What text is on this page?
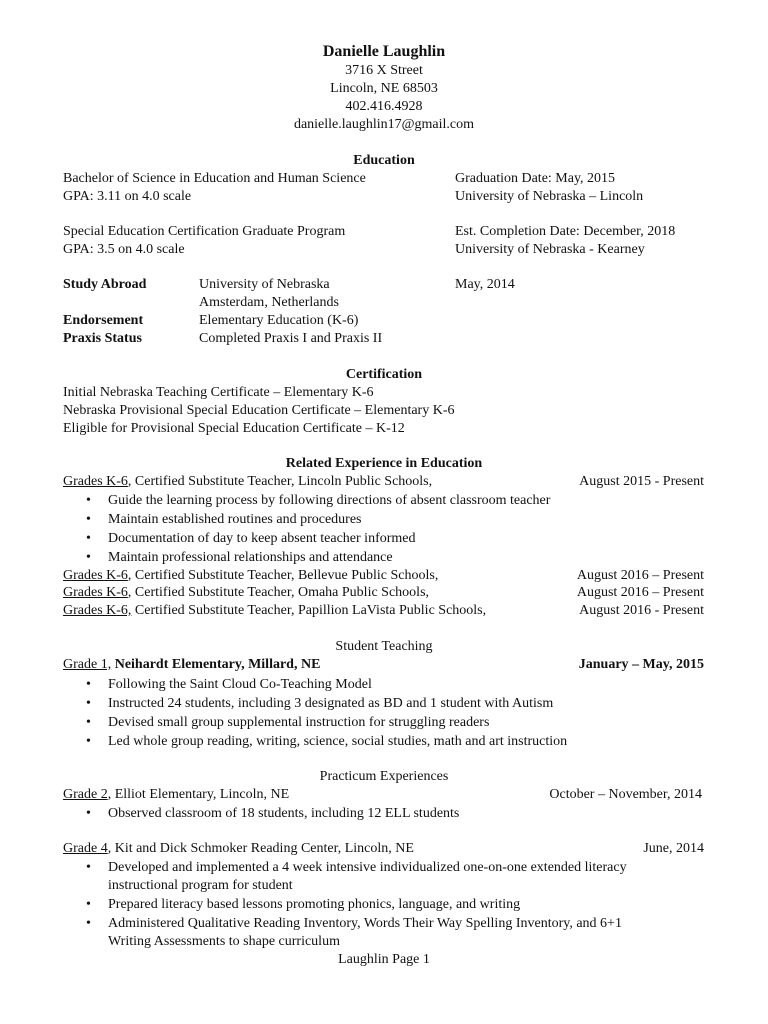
Danielle Laughlin
3716 X Street
Lincoln, NE 68503
402.416.4928
danielle.laughlin17@gmail.com
Education
Bachelor of Science in Education and Human Science	Graduation Date: May, 2015
GPA: 3.11 on 4.0 scale	University of Nebraska – Lincoln
Special Education Certification Graduate Program	Est. Completion Date: December, 2018
GPA: 3.5 on 4.0 scale	University of Nebraska - Kearney
Study Abroad	University of Nebraska	May, 2014
Amsterdam, Netherlands
Endorsement	Elementary Education (K-6)
Praxis Status	Completed Praxis I and Praxis II
Certification
Initial Nebraska Teaching Certificate – Elementary K-6
Nebraska Provisional Special Education Certificate – Elementary K-6
Eligible for Provisional Special Education Certificate – K-12
Related Experience in Education
Grades K-6, Certified Substitute Teacher, Lincoln Public Schools,	August 2015 - Present
•	Guide the learning process by following directions of absent classroom teacher
•	Maintain established routines and procedures
•	Documentation of day to keep absent teacher informed
•	Maintain professional relationships and attendance
Grades K-6, Certified Substitute Teacher, Bellevue Public Schools,	August 2016 – Present
Grades K-6, Certified Substitute Teacher, Omaha Public Schools,	August 2016 – Present
Grades K-6, Certified Substitute Teacher, Papillion LaVista Public Schools,	August 2016 - Present
Student Teaching
Grade 1, Neihardt Elementary, Millard, NE	January – May, 2015
•	Following the Saint Cloud Co-Teaching Model
•	Instructed 24 students, including 3 designated as BD and 1 student with Autism
•	Devised small group supplemental instruction for struggling readers
•	Led whole group reading, writing, science, social studies, math and art instruction
Practicum Experiences
Grade 2, Elliot Elementary, Lincoln, NE	October – November, 2014
•	Observed classroom of 18 students, including 12 ELL students
Grade 4, Kit and Dick Schmoker Reading Center, Lincoln, NE	June, 2014
•	Developed and implemented a 4 week intensive individualized one-on-one extended literacy
instructional program for student
•	Prepared literacy based lessons promoting phonics, language, and writing
•	Administered Qualitative Reading Inventory, Words Their Way Spelling Inventory, and 6+1
Writing Assessments to shape curriculum
Laughlin Page 1
